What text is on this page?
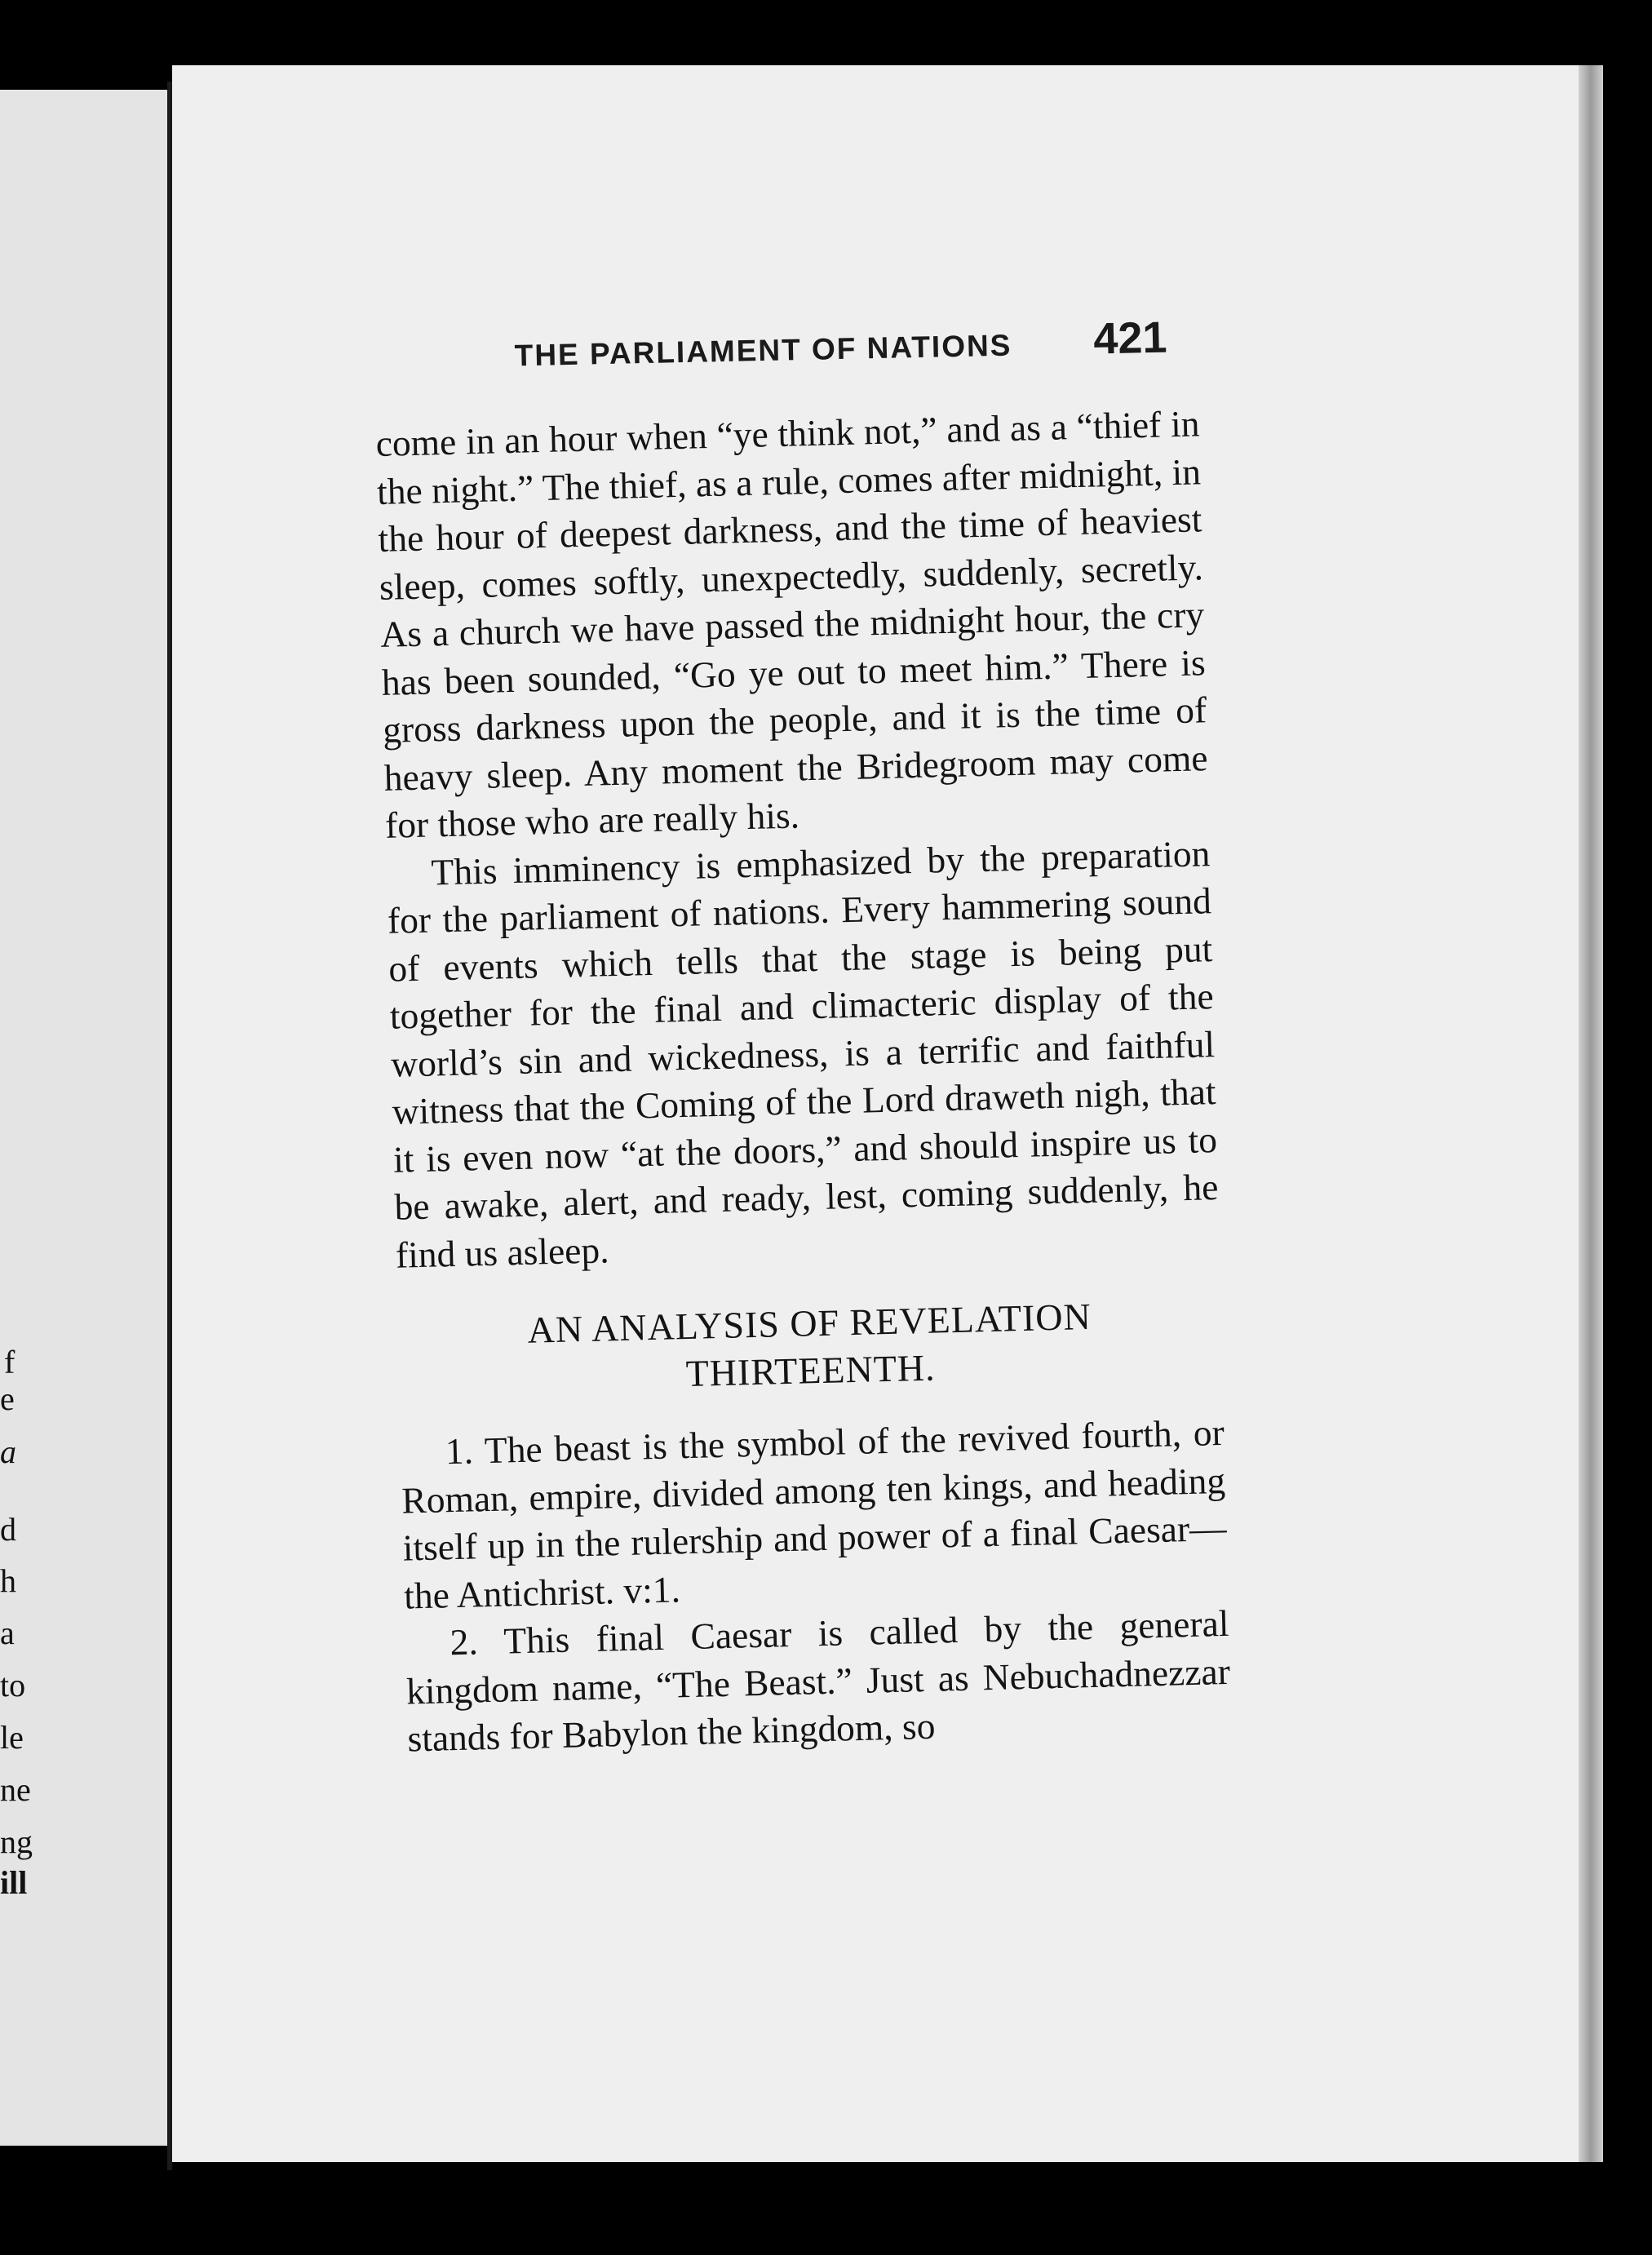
f
e
a
d
h
a
to
le
ne
ng
ill
THE PARLIAMENT OF NATIONS 421

come in an hour when “ye think not,” and as a “thief in the night.” The thief, as a rule, comes after midnight, in the hour of deepest darkness, and the time of heaviest sleep, comes softly, unexpectedly, suddenly, secretly. As a church we have passed the midnight hour, the cry has been sounded, “Go ye out to meet him.” There is gross darkness upon the people, and it is the time of heavy sleep. Any moment the Bridegroom may come for those who are really his.

This imminency is emphasized by the preparation for the parliament of nations. Every hammering sound of events which tells that the stage is being put together for the final and climacteric display of the world’s sin and wickedness, is a terrific and faithful witness that the Coming of the Lord draweth nigh, that it is even now “at the doors,” and should inspire us to be awake, alert, and ready, lest, coming suddenly, he find us asleep.

AN ANALYSIS OF REVELATION
THIRTEENTH.

1. The beast is the symbol of the revived fourth, or Roman, empire, divided among ten kings, and heading itself up in the rulership and power of a final Caesar—the Antichrist. v:1.

2. This final Caesar is called by the general kingdom name, “The Beast.” Just as Nebuchadnezzar stands for Babylon the kingdom, so
